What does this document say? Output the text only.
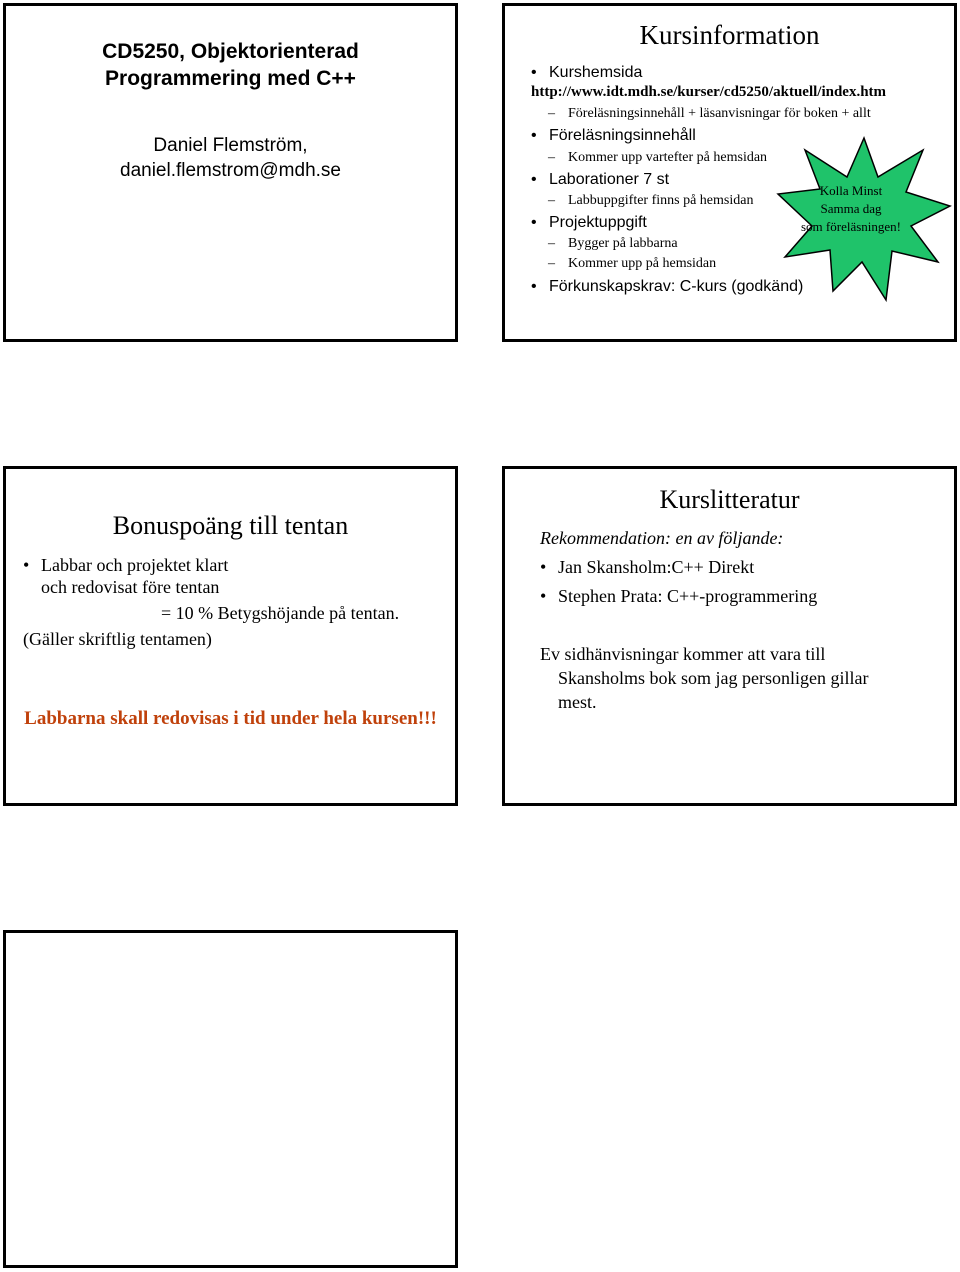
CD5250, Objektorienterad
Programmering med C++
Daniel Flemström,
daniel.flemstrom@mdh.se
Kursinformation
• Kurshemsida
http://www.idt.mdh.se/kurser/cd5250/aktuell/index.htm
– Föreläsningsinnehåll + läsanvisningar för boken + allt
• Föreläsningsinnehåll
– Kommer upp vartefter på hemsidan
• Laborationer 7 st
– Labbuppgifter finns på hemsidan
• Projektuppgift
– Bygger på labbarna
– Kommer upp på hemsidan
• Förkunskapskrav: C-kurs (godkänd)
Kolla Minst
Samma dag
som föreläsningen!
Bonuspoäng till tentan
• Labbar och projektet klart
och redovisat före tentan
= 10 % Betygshöjande på tentan.
(Gäller skriftlig tentamen)
Labbarna skall redovisas i tid under hela kursen!!!
Kurslitteratur
Rekommendation: en av följande:
• Jan Skansholm:C++ Direkt
• Stephen Prata: C++-programmering
Ev sidhänvisningar kommer att vara till
Skansholms bok som jag personligen gillar
mest.
